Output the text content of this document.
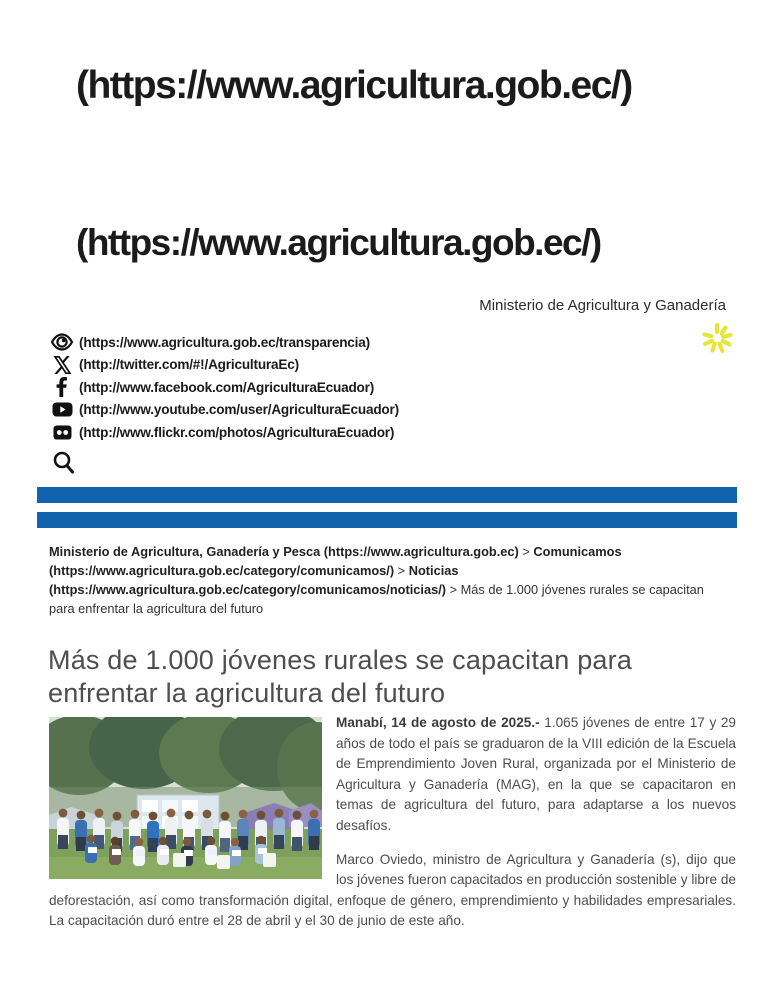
(https://www.agricultura.gob.ec/)
(https://www.agricultura.gob.ec/)
Ministerio de Agricultura y Ganadería
(https://www.agricultura.gob.ec/transparencia)
(http://twitter.com/#!/AgriculturaEc)
(http://www.facebook.com/AgriculturaEcuador)
(http://www.youtube.com/user/AgriculturaEcuador)
(http://www.flickr.com/photos/AgriculturaEcuador)
Ministerio de Agricultura, Ganadería y Pesca (https://www.agricultura.gob.ec) > Comunicamos (https://www.agricultura.gob.ec/category/comunicamos/) > Noticias (https://www.agricultura.gob.ec/category/comunicamos/noticias/) > Más de 1.000 jóvenes rurales se capacitan para enfrentar la agricultura del futuro
Más de 1.000 jóvenes rurales se capacitan para enfrentar la agricultura del futuro

Manabí, 14 de agosto de 2025.- 1.065 jóvenes de entre 17 y 29 años de todo el país se graduaron de la VIII edición de la Escuela de Emprendimiento Joven Rural, organizada por el Ministerio de Agricultura y Ganadería (MAG), en la que se capacitaron en temas de agricultura del futuro, para adaptarse a los nuevos desafíos.

Marco Oviedo, ministro de Agricultura y Ganadería (s), dijo que los jóvenes fueron capacitados en producción sostenible y libre de deforestación, así como transformación digital, enfoque de género, emprendimiento y habilidades empresariales. La capacitación duró entre el 28 de abril y el 30 de junio de este año.
